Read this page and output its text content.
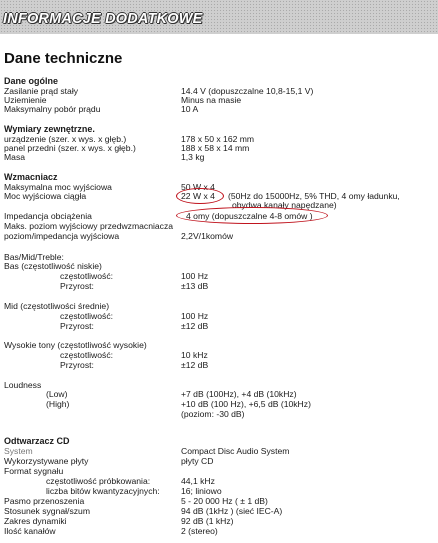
INFORMACJE DODATKOWE
Dane techniczne
Dane ogólne
Zasilanie prąd stały	14.4 V (dopuszczalne 10,8-15,1 V)
Uziemienie	Minus na masie
Maksymalny pobór prądu	10 A
Wymiary zewnętrzne.
urządzenie (szer. x wys. x głęb.)	178 x 50 x 162 mm
panel przedni (szer. x wys. x głęb.)	188 x 58 x 14 mm
Masa	1,3 kg
Wzmacniacz
Maksymalna moc wyjściowa	50 W x 4
Moc wyjściowa ciągła	22 W x 4 (50Hz do 15000Hz, 5% THD, 4 omy ładunku,
obydwa kanały napędzane)
Impedancja obciążenia	4 omy (dopuszczalne 4-8 omów )
Maks. poziom wyjściowy przedwzmacniacza
poziom/impedancja wyjściowa	2,2V/1komów
Bas/Mid/Treble:
Bas (częstotliwość niskie)
częstotliwość:	100 Hz
Przyrost:	±13 dB
Mid (częstotliwości średnie)
częstotliwość:	100 Hz
Przyrost:	±12 dB
Wysokie tony (częstotliwość wysokie)
częstotliwość:	10 kHz
Przyrost:	±12 dB
Loudness
(Low)	+7 dB (100Hz), +4 dB (10kHz)
(High)	+10 dB (100 Hz), +6,5 dB (10kHz)
(poziom: -30 dB)
Odtwarzacz CD
System	Compact Disc Audio System
Wykorzystywane płyty	płyty CD
Format sygnału
częstotliwość próbkowania:	44,1 kHz
liczba bitów kwantyzacyjnych: 16; liniowo
Pasmo przenoszenia	5 - 20 000 Hz ( ± 1 dB)
Stosunek sygnał/szum	94 dB (1kHz ) (sieć IEC-A)
Zakres dynamiki	92 dB (1 kHz)
Ilość kanałów	2 (stereo)
